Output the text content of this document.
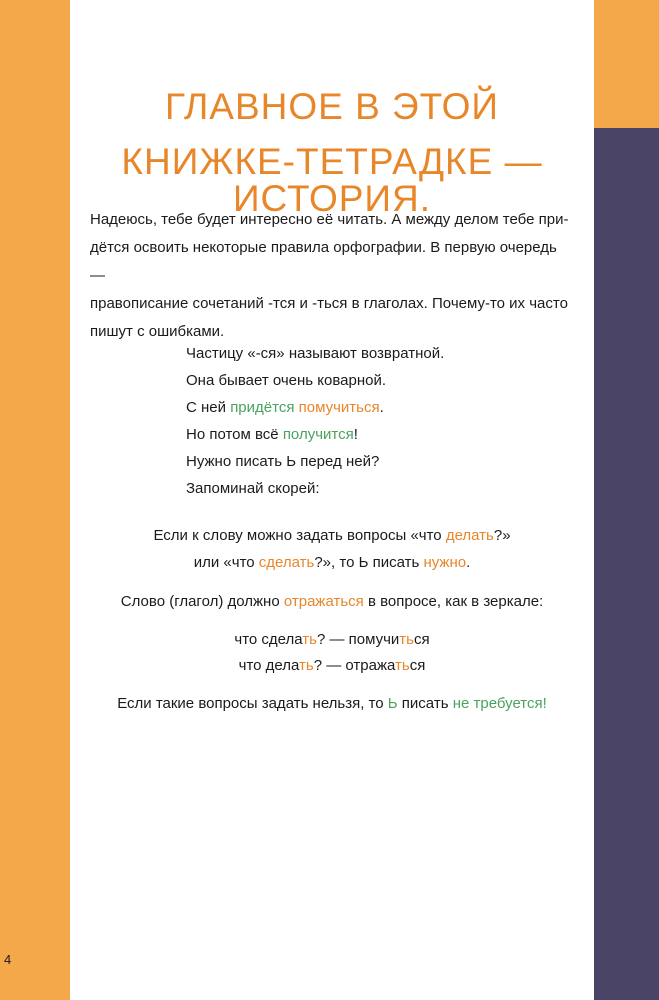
ГЛАВНОЕ В ЭТОЙ
КНИЖКЕ-ТЕТРАДКЕ — ИСТОРИЯ.

Надеюсь, тебе будет интересно её читать. А между делом тебе при-

дётся освоить некоторые правила орфографии. В первую очередь —

правописание сочетаний -тся и -ться в глаголах. Почему-то их часто

пишут с ошибками.

Частицу «-ся» называют возвратной.
Она бывает очень коварной.
С ней придётся помучиться.
Но потом всё получится!
Нужно писать Ь перед ней?
Запоминай скорей:
Если к слову можно задать вопросы «что делать?»
или «что сделать?», то Ь писать нужно.
Слово (глагол) должно отражаться в вопросе, как в зеркале:
что сделать? — помучиться
что делать? — отражаться
Если такие вопросы задать нельзя, то Ь писать не требуется!
4
